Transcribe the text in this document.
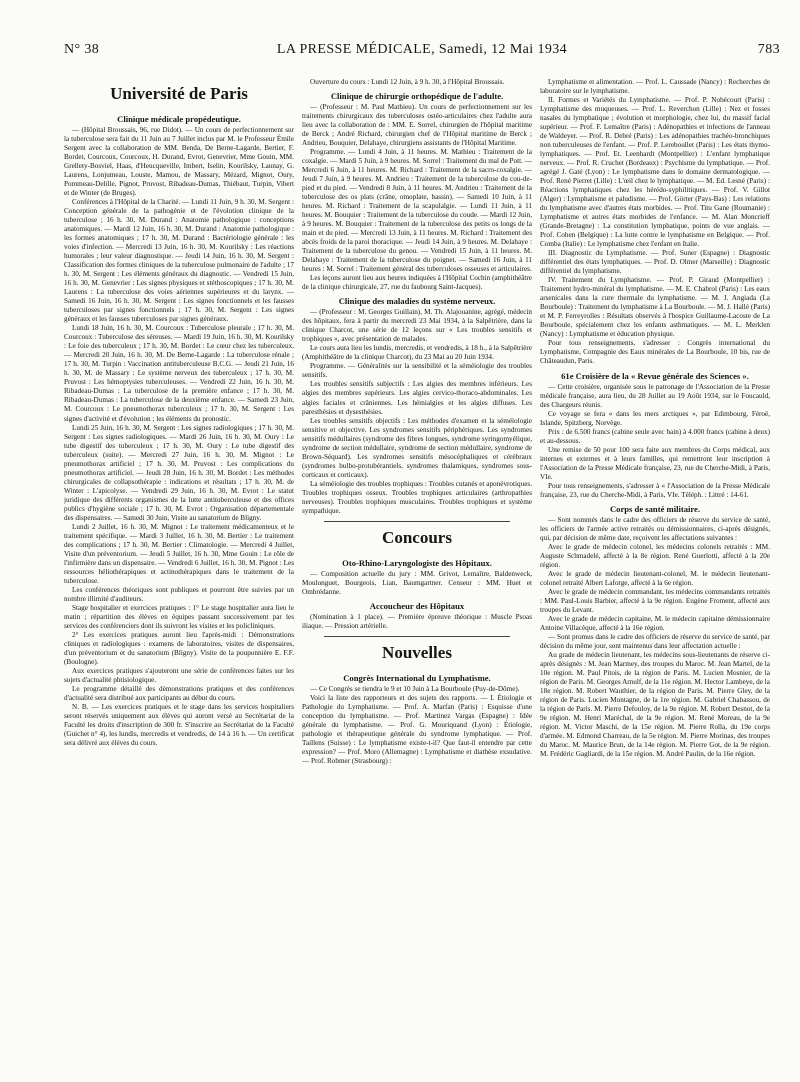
N° 38	LA PRESSE MÉDICALE, Samedi, 12 Mai 1934	783
Université de Paris
Clinique médicale propédeutique.

— (Hôpital Broussais, 96, rue Didot). — Un cours de perfectionnement sur la tuberculose sera fait du 11 Juin au 7 Juillet inclus par M. le Professeur Émile Sergent avec la collaboration de MM. Benda, De Berne-Lagarde, Bertier, F. Bordet, Courcoux, Courcoux, H. Durand, Evrot, Genevrier, Mme Gouin, MM. Grellety-Bosviel, Haas, d'Heucqueville, Imbert, Iselin, Kourilsky, Launay, G. Laurens, Lonjumeau, Louste, Mamou, de Massary, Mézard, Mignot, Oury, Pommeau-Delille, Pignot, Pruvost, Ribadeau-Dumas, Thiébaut, Turpin, Vibert et de Winter (de Bruges).

Conférences à l'Hôpital de la Charité. — Lundi 11 Juin, 9 h. 30, M. Sergent : Conception générale de la pathogénie et de l'évolution clinique de la tuberculose ; 16 h. 30, M. Durand : Anatomie pathologique : conceptions anatomiques. — Mardi 12 Juin, 16 h. 30, M. Durand : Anatomie pathologique : les formes anatomiques ; 17 h. 30, M. Durand : Bactériologie générale : les voies d'infection. — Mercredi 13 Juin, 16 h. 30, M. Kourilsky : Les réactions humorales ; leur valeur diagnostique. — Jeudi 14 Juin, 16 h. 30, M. Sergent : Classification des formes cliniques de la tuberculose pulmonaire de l'adulte ; 17 h. 30, M. Sergent : Les éléments généraux du diagnostic. — Vendredi 15 Juin, 16 h. 30, M. Genevrier : Les signes physiques et stéthoscopiques ; 17 h. 30, M. Laurens : La tuberculose des voies aériennes supérieures et du larynx. — Samedi 16 Juin, 16 h. 30, M. Sergent : Les signes fonctionnels et les fausses tuberculoses par signes fonctionnels ; 17 h. 30, M. Sergent : Les signes généraux et les fausses tuberculoses par signes généraux.

Lundi 18 Juin, 16 h. 30, M. Courcoux : Tuberculose pleurale ; 17 h. 30, M. Courcoux : Tuberculose des séreuses. — Mardi 19 Juin, 16 h. 30, M. Kourilsky : Le foie des tuberculeux ; 17 h. 30, M. Bordet : Le cœur chez les tuberculeux. — Mercredi 20 Juin, 16 h. 30, M. De Berne-Lagarde : La tuberculose rénale ; 17 h. 30, M. Turpin : Vaccination antituberculeuse B.C.G. — Jeudi 21 Juin, 16 h. 30, M. de Massary : Le système nerveux des tuberculeux ; 17 h. 30, M. Pruvost : Les hémoptysies tuberculeuses. — Vendredi 22 Juin, 16 h. 30, M. Ribadeau-Dumas : La tuberculose de la première enfance ; 17 h. 30, M. Ribadeau-Dumas : La tuberculose de la deuxième enfance. — Samedi 23 Juin, M. Courcoux : Le pneumothorax tuberculeux ; 17 h. 30, M. Sergent : Les signes d'activité et d'évolution ; les éléments du pronostic.

Lundi 25 Juin, 16 h. 30, M. Sergent : Les signes radiologiques ; 17 h. 30, M. Sergent : Les signes radiologiques. — Mardi 26 Juin, 16 h. 30, M. Oury : Le tube digestif des tuberculeux ; 17 h. 30, M. Oury : Le tube digestif des tuberculeux (suite). — Mercredi 27 Juin, 16 h. 30, M. Mignot : Le pneumothorax artificiel ; 17 h. 30, M. Pruvost : Les complications du pneumothorax artificiel. — Jeudi 28 Juin, 16 h. 30, M. Bordet : Les méthodes chirurgicales de collapsothérapie : indications et résultats ; 17 h. 30, M. de Winter : L'apicolyse. — Vendredi 29 Juin, 16 h. 30, M. Evrot : Le statut juridique des différents organismes de la lutte antituberculeuse et des offices publics d'hygiène sociale ; 17 h. 30, M. Evrot : Organisation départementale des dispensaires. — Samedi 30 Juin, Visite au sanatorium de Bligny.

Lundi 2 Juillet, 16 h. 30, M. Mignot : Le traitement médicamenteux et le traitement spécifique. — Mardi 3 Juillet, 16 h. 30, M. Bertier : Le traitement des complications ; 17 h. 30, M. Bertier : Climatologie. — Mercredi 4 Juillet, Visite d'un préventorium. — Jeudi 5 Juillet, 16 h. 30, Mme Gouin : Le rôle de l'infirmière dans un dispensaire. — Vendredi 6 Juillet, 16 h. 30, M. Pignot : Les ressources héliothérapiques et actinothérapiques dans le traitement de la tuberculose.

Les conférences théoriques sont publiques et pourront être suivies par un nombre illimité d'auditeurs.

Stage hospitalier et exercices pratiques : 1° Le stage hospitalier aura lieu le matin ; répartition des élèves en équipes passant successivement par les services des conférenciers dont ils suivront les visites et les policliniques.

2° Les exercices pratiques auront lieu l'après-midi : Démonstrations cliniques et radiologiques : examens de laboratoires, visites de dispensaires, d'un préventorium et du sanatorium (Bligny). Visite de la pouponnière E. F.F. (Boulogne).

Aux exercices pratiques s'ajouteront une série de conférences faites sur les sujets d'actualité phtisiologique.

Le programme détaillé des démonstrations pratiques et des conférences d'actualité sera distribué aux participants au début du cours.

N. B. — Les exercices pratiques et le stage dans les services hospitaliers seront réservés uniquement aux élèves qui auront versé au Secrétariat de la Faculté les droits d'inscription de 300 fr. S'inscrire au Secrétariat de la Faculté (Guichet n° 4), les lundis, mercredis et vendredis, de 14 à 16 h. — Un certificat sera délivré aux élèves du cours.

Ouverture du cours : Lundi 12 Juin, à 9 h. 30, à l'Hôpital Broussais.

Clinique de chirurgie orthopédique de l'adulte.

— (Professeur : M. Paul Mathieu). Un cours de perfectionnement sur les traitements chirurgicaux des tuberculoses ostéo-articulaires chez l'adulte aura lieu avec la collaboration de : MM. E. Sorrel, chirurgien de l'hôpital maritime de Berck ; André Richard, chirurgien chef de l'Hôpital maritime de Berck ; Andrieu, Bouquier, Delahaye, chirurgiens assistants de l'Hôpital Maritime.

Programme. — Lundi 4 Juin, à 11 heures. M. Mathieu : Traitement de la coxalgie. — Mardi 5 Juin, à 9 heures. M. Sorrel : Traitement du mal de Pott. — Mercredi 6 Juin, à 11 heures. M. Richard : Traitement de la sacro-coxalgie. — Jeudi 7 Juin, à 9 heures. M. Andrieu : Traitement de la tuberculose du cou-de-pied et du pied. — Vendredi 8 Juin, à 11 heures. M. Andrieu : Traitement de la tuberculose des os plats (crâne, omoplate, bassin). — Samedi 10 Juin, à 11 heures. M. Richard : Traitement de la scapulalgie. — Lundi 11 Juin, à 11 heures. M. Bouquier : Traitement de la tuberculose du coude. — Mardi 12 Juin, à 9 heures. M. Bouquier : Traitement de la tuberculose des petits os longs de la main et du pied. — Mercredi 13 Juin, à 11 heures. M. Richard : Traitement des abcès froids de la paroi thoracique. — Jeudi 14 Juin, à 9 heures. M. Delahaye : Traitement de la tuberculose du genou. — Vendredi 15 Juin, à 11 heures. M. Delahaye : Traitement de la tuberculose du poignet. — Samedi 16 Juin, à 11 heures : M. Sorrel : Traitement général des tuberculoses osseuses et articulaires.

Les leçons auront lieu aux heures indiquées à l'Hôpital Cochin (amphithéâtre de la clinique chirurgicale, 27, rue du faubourg Saint-Jacques).

Clinique des maladies du système nerveux.

— (Professeur : M. Georges Guillain), M. Th. Alajouanine, agrégé, médecin des hôpitaux, fera à partir du mercredi 23 Mai 1934, à la Salpêtrière, dans la clinique Charcot, une série de 12 leçons sur « Les troubles sensitifs et trophiques », avec présentation de malades.

Le cours aura lieu les lundis, mercredis, et vendredis, à 18 h., à la Salpêtrière (Amphithéâtre de la clinique Charcot), du 23 Mai au 20 Juin 1934.

Programme. — Généralités sur la sensibilité et la séméiologie des troubles sensitifs.

Les troubles sensitifs subjectifs : Les algies des membres inférieurs. Les algies des membres supérieurs. Les algies cervico-thoraco-abdominales. Les algies faciales et crâniennes. Les hémialgies et les algies diffuses. Les paresthésies et dysesthésies.

Les troubles sensitifs objectifs : Les méthodes d'examen et la séméiologie sensitive et objective. Les syndromes sensitifs périphériques. Les syndromes sensitifs médullaires (syndrome des fibres longues, syndrome syringomyélique, syndrome de section médullaire, syndrome de section médullaire, syndrome de Brown-Séquard). Les syndromes sensitifs mésocéphaliques et cérébraux (syndromes bulbo-protubérantiels, syndromes thalamiques, syndromes sous-corticaux et corticaux).

La séméiologie des troubles trophiques : Troubles cutanés et aponévrotiques. Troubles trophiques osseux. Troubles trophiques articulaires (arthropathies nerveuses). Troubles trophiques musculaires. Troubles trophiques et système sympathique.

Concours
Oto-Rhino-Laryngologiste des Hôpitaux.

— Composition actuelle du jury : MM. Grivot, Lemaître, Baldenweck, Moulonguet, Bourgeois, Lian, Baumgartner. Censeur : MM. Huet et Ombrédanne.

Accoucheur des Hôpitaux

(Nomination à 1 place). — Première épreuve théorique : Muscle Psoas iliaque. — Pression artérielle.

Nouvelles
Congrès International du Lymphatisme.

— Ce Congrès se tiendra le 9 et 10 Juin à La Bourboule (Puy-de-Dôme).

Voici la liste des rapporteurs et des sujets des rapports. — I. Étiologie et Pathologie du Lymphatisme. — Prof. A. Marfan (Paris) : Esquisse d'une conception du lymphatisme. — Prof. Martinez Vargas (Espagne) : Idée générale du lymphatisme. — Prof. G. Mouriquand (Lyon) : Étiologie, pathologie et thérapeutique générale du syndrome lymphatique. — Prof. Taillens (Suisse) : Le lymphatisme existe-t-il? Que faut-il entendre par cette expression? — Prof. Moro (Allemagne) : Lymphatisme et diathèse exsudative. — Prof. Robmer (Strasbourg) :

Lymphatisme et alimentation. — Prof. L. Caussade (Nancy) : Recherches de laboratoire sur le lymphatisme.

II. Formes et Variétés du Lymphatisme. — Prof. P. Nobécourt (Paris) : Lymphatisme des muqueuses. — Prof. L. Reverchon (Lille) : Nez et fosses nasales du lymphatique ; évolution et morphologie, chez lui, du massif facial supérieur. — Prof. F. Lemaître (Paris) : Adénopathies et infections de l'anneau de Waldeyer. — Prof. R. Debré (Paris) : Les adénopathies trachéo-bronchiques non tuberculeuses de l'enfant. — Prof. P. Lereboullet (Paris) : Les états thymo-lymphatiques. — Prof. Et. Leenhardt (Montpellier) : L'enfant lymphatique nerveux. — Prof. R. Cruchet (Bordeaux) : Psychisme du lymphatique. — Prof. agrégé J. Gaté (Lyon) : Le lymphatisme dans le domaine dermatologique. — Prof. René Pierret (Lille) : L'œil chez le lymphatique. — M. Ed. Lesné (Paris) : Réactions lymphatiques chez les hérédo-syphilitiques. — Prof. V. Gillot (Alger) : Lymphatisme et paludisme. — Prof. Görter (Pays-Bas) : Les relations du lymphatisme avec d'autres états morbides. — Prof. Titu Gane (Roumanie) : Lymphatisme et autres états morbides de l'enfance. — M. Alan Moncrieff (Grande-Bretagne) : La constitution lymphatique, points de vue anglais. — Prof. Cohen (Belgique) : La lutte contre le lymphatisme en Belgique. — Prof. Comba (Italie) : Le lymphatisme chez l'enfant en Italie.

III. Diagnostic du Lymphatisme. — Prof. Suner (Espagne) : Diagnostic différentiel des états lymphatiques. — Prof. D. Olmer (Marseille) : Diagnostic différentiel du lymphatisme.

IV. Traitement du Lymphatisme. — Prof. P. Giraud (Montpellier) : Traitement hydro-minéral du lymphatisme. — M. E. Chabrol (Paris) : Les eaux arsenicales dans la cure thermale du lymphatisme. — M. J. Angiada (La Bourboule) : Traitement du lymphatisme à La Bourboule. — M. J. Hallé (Paris) et M. P. Ferreyrolles : Résultats observés à l'hospice Guillaume-Lacoste de La Bourboule, spécialement chez les enfants asthmatiques. — M. L. Merklen (Nancy) : Lymphatisme et éducation physique.

Pour tous renseignements, s'adresser : Congrès international du Lymphatisme, Compagnie des Eaux minérales de La Bourboule, 10 bis, rue de Châteaudun, Paris.

61e Croisière de la « Revue générale des Sciences ».

— Cette croisière, organisée sous le patronage de l'Association de la Presse médicale française, aura lieu, du 28 Juillet au 19 Août 1934, sur le Foucauld, des Chargeurs réunis.

Ce voyage se fera « dans les mers arctiques », par Edimbourg, Féroë, Islande, Spitzberg, Norvège.

Prix : de 6.500 francs (cabine seule avec bain) à 4.000 francs (cabine à deux) et au-dessous.

Une remise de 50 pour 100 sera faite aux membres du Corps médical, aux internes et externes et à leurs familles, qui remettront leur inscription à l'Association de la Presse Médicale française, 23, rue du Cherche-Midi, à Paris, VIe.

Pour tous renseignements, s'adresser à « l'Association de la Presse Médicale française, 23, rue du Cherche-Midi, à Paris, VIe. Téléph. : Littré : 14-61.

Corps de santé militaire.

— Sont nommés dans le cadre des officiers de réserve du service de santé, les officiers de l'armée active retraités ou démissionnaires, ci-après désignés, qui, par décision de même date, reçoivent les affectations suivantes :

Avec le grade de médecin colonel, les médecins colonels retraités : MM. Auguste Schmadelé, affecté à la 8e région. René Guerlotti, affecté à la 20e région.

Avec le grade de médecin lieutenant-colonel, M. le médecin lieutenant-colonel retraité Albert Laforge, affecté à la 6e région.

Avec le grade de médecin commandant, les médecins commandants retraités : MM. Paul-Louis Barbier, affecté à la 9e région. Eugène Froment, affecté aux troupes du Levant.

Avec le grade de médecin capitaine, M. le médecin capitaine démissionnaire Antoine Villacèque, affecté à la 16e région.

— Sont promus dans le cadre des officiers de réserve du service de santé, par décision du même jour, sont maintenus dans leur affectation actuelle :

Au grade de médecin lieutenant, les médecins sous-lieutenants de réserve ci-après désignés : M. Jean Marmey, des troupes du Maroc. M. Jean Martel, de la 10e région. M. Paul Pitois, de la région de Paris. M. Lucien Mosnier, de la région de Paris. M. Georges Arnulf, de la 11e région. M. Hector Lambeye, de la 18e région. M. Robert Wauthier, de la région de Paris. M. Pierre Gley, de la région de Paris. Lucien Montagne, de la 1re région. M. Gabriel Chabassou, de la région de Paris. M. Pierre Defouloy, de la 9e région. M. Robert Desnot, de la 9e région. M. Henri Maréchal, de la 9e région. M. René Moreau, de la 9e région. M. Victor Maschi, de la 15e région. M. Pierre Rolla, du 19e corps d'armée. M. Edmond Charreau, de la 5e région. M. Pierre Morinas, des troupes du Maroc. M. Maurice Brun, de la 14e région. M. Pierre Got, de la 9e région. M. Frédéric Gagliardi, de la 15e région. M. André Paulin, de la 16e région.
